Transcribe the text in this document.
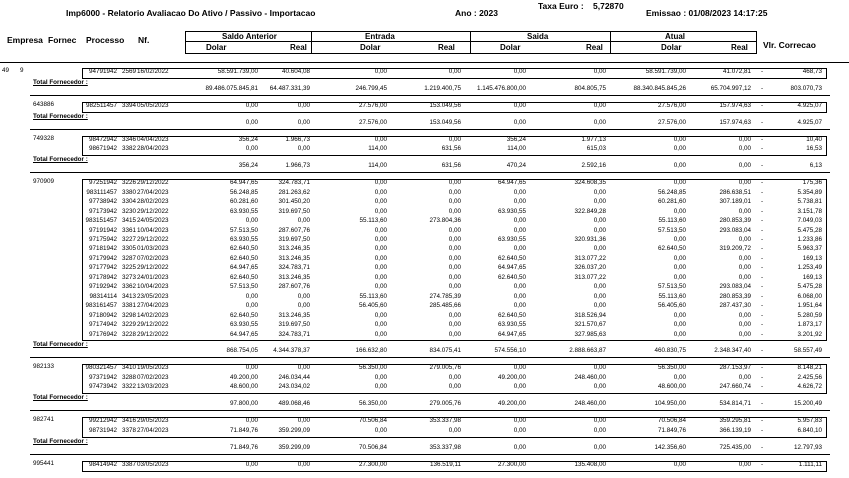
Imp6000 - Relatorio Avaliacao Do Ativo / Passivo - Importacao	Ano : 2023
Taxa Euro : 5,72870
Emissao : 01/08/2023 14:17:25
Empresa Fornec Processo Nf.	Saldo Anterior	Entrada	Saida	Atual
Dolar	Real	Dolar	Real	Dolar	Real	Dolar	Real Vlr. Correcao
49 9	94791942 2569 16/02/2022	58.591.739,00	40.604,08	0,00	0,00	0,00	0,00	58.591.739,00	41.072,81 -	468,73
Total Fornecedor :
89.486.075.845,81 64.487.331,39	246.799,45	1.219.400,75	1.145.476.800,00	804.805,75	88.340.845.845,26	65.704.997,12 -	803.070,73
643886	982511457 3394 05/05/2023	0,00	0,00	27.576,00	153.049,56	0,00	0,00	27.576,00	157.974,63 -	4.925,07
Total Fornecedor :
0,00	0,00	27.576,00	153.049,56	0,00	0,00	27.576,00	157.974,63 -	4.925,07
749328	98472942 3346 04/04/2023	356,24	1.966,73	0,00	0,00	356,24	1.977,13	0,00	0,00 -	10,40
98671942 3382 28/04/2023	0,00	0,00	114,00	631,56	114,00	615,03	0,00	0,00 -	16,53
Total Fornecedor :
356,24	1.966,73	114,00	631,56	470,24	2.592,16	0,00	0,00 -	6,13
970909	97251942 3226 29/12/2022	64.947,65	324.783,71	0,00	0,00	64.947,65	324.608,35	0,00	0,00 -	175,36
983111457 3380 27/04/2023	56.248,85	281.263,62	0,00	0,00	0,00	0,00	56.248,85	286.638,51 -	5.354,89
97738942 3304 28/02/2023	60.281,60	301.450,20	0,00	0,00	0,00	0,00	60.281,60	307.189,01 -	5.738,81
97173942 3230 29/12/2022	63.930,55	319.697,50	0,00	0,00	63.930,55	322.849,28	0,00	0,00 -	3.151,78
983151457 3415 24/05/2023	0,00	0,00	55.113,60	273.804,36	0,00	0,00	55.113,60	280.853,39 -	7.049,03
97191942 3361 10/04/2023	57.513,50	287.607,76	0,00	0,00	0,00	0,00	57.513,50	293.083,04 -	5.475,28
97175942 3227 29/12/2022	63.930,55	319.697,50	0,00	0,00	63.930,55	320.931,36	0,00	0,00 -	1.233,86
97181942 3305 01/03/2023	62.640,50	313.246,35	0,00	0,00	0,00	0,00	62.640,50	319.209,72 -	5.963,37
97179942 3287 07/02/2023	62.640,50	313.246,35	0,00	0,00	62.640,50	313.077,22	0,00	0,00 -	169,13
97177942 3225 29/12/2022	64.947,65	324.783,71	0,00	0,00	64.947,65	326.037,20	0,00	0,00 -	1.253,49
97178942 3273 24/01/2023	62.640,50	313.246,35	0,00	0,00	62.640,50	313.077,22	0,00	0,00 -	169,13
97192942 3362 10/04/2023	57.513,50	287.607,76	0,00	0,00	0,00	0,00	57.513,50	293.083,04 -	5.475,28
98314114 3413 23/05/2023	0,00	0,00	55.113,60	274.785,39	0,00	0,00	55.113,60	280.853,39 -	6.068,00
983161457 3381 27/04/2023	0,00	0,00	56.405,60	285.485,66	0,00	0,00	56.405,60	287.437,30 -	1.951,64
97180942 3298 14/02/2023	62.640,50	313.246,35	0,00	0,00	62.640,50	318.526,94	0,00	0,00 -	5.280,59
97174942 3229 29/12/2022	63.930,55	319.697,50	0,00	0,00	63.930,55	321.570,67	0,00	0,00 -	1.873,17
97176942 3228 29/12/2022	64.947,65	324.783,71	0,00	0,00	64.947,65	327.985,63	0,00	0,00 -	3.201,92
Total Fornecedor :
868.754,05 4.344.378,37	166.632,80	834.075,41	574.556,10	2.888.663,87	460.830,75	2.348.347,40 -	58.557,49
982133	980321457 3410 19/05/2023	0,00	0,00	56.350,00	279.005,76	0,00	0,00	56.350,00	287.153,97 -	8.148,21
97371942 3288 07/02/2023	49.200,00	246.034,44	0,00	0,00	49.200,00	248.460,00	0,00	0,00 -	2.425,56
97473942 3322 13/03/2023	48.600,00	243.034,02	0,00	0,00	0,00	0,00	48.600,00	247.660,74 -	4.626,72
Total Fornecedor :
97.800,00	489.068,46	56.350,00	279.005,76	49.200,00	248.460,00	104.950,00	534.814,71 -	15.200,49
982741	99212942 3416 29/05/2023	0,00	0,00	70.506,84	353.337,98	0,00	0,00	70.506,84	359.295,81 -	5.957,83
98731942 3378 27/04/2023	71.849,76	359.299,09	0,00	0,00	0,00	0,00	71.849,76	366.139,19 -	6.840,10
Total Fornecedor :
71.849,76	359.299,09	70.506,84	353.337,98	0,00	0,00	142.356,60	725.435,00 -	12.797,93
995441	98414942 3387 03/05/2023	0,00	0,00	27.300,00	136.519,11	27.300,00	135.408,00	0,00	0,00 -	1.111,11
